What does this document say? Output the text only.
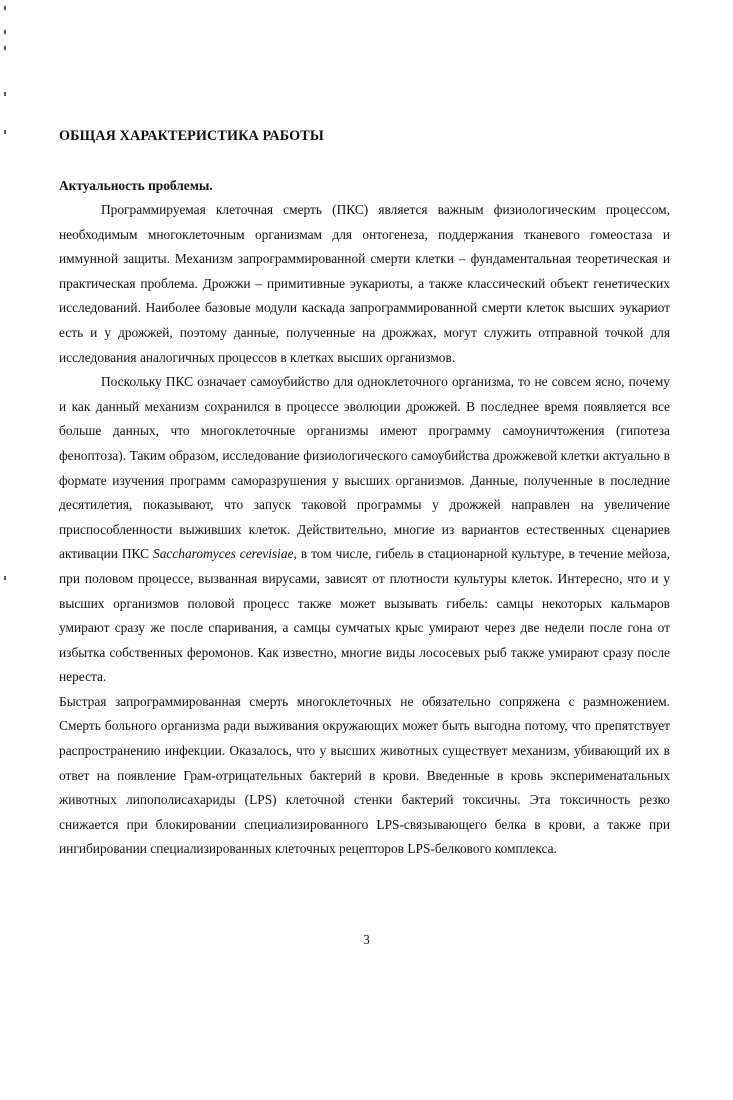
ОБЩАЯ ХАРАКТЕРИСТИКА РАБОТЫ
Актуальность проблемы.

Программируемая клеточная смерть (ПКС) является важным физиологическим процессом, необходимым многоклеточным организмам для онтогенеза, поддержания тканевого гомеостаза и иммунной защиты. Механизм запрограммированной смерти клетки – фундаментальная теоретическая и практическая проблема. Дрожжи – примитивные эукариоты, а также классический объект генетических исследований. Наиболее базовые модули каскада запрограммированной смерти клеток высших эукариот есть и у дрожжей, поэтому данные, полученные на дрожжах, могут служить отправной точкой для исследования аналогичных процессов в клетках высших организмов.

Поскольку ПКС означает самоубийство для одноклеточного организма, то не совсем ясно, почему и как данный механизм сохранился в процессе эволюции дрожжей. В последнее время появляется все больше данных, что многоклеточные организмы имеют программу самоуничтожения (гипотеза феноптоза). Таким образом, исследование физиологического самоубийства дрожжевой клетки актуально в формате изучения программ саморазрушения у высших организмов. Данные, полученные в последние десятилетия, показывают, что запуск таковой программы у дрожжей направлен на увеличение приспособленности выживших клеток. Действительно, многие из вариантов естественных сценариев активации ПКС Saccharomyces cerevisiae, в том числе, гибель в стационарной культуре, в течение мейоза, при половом процессе, вызванная вирусами, зависят от плотности культуры клеток. Интересно, что и у высших организмов половой процесс также может вызывать гибель: самцы некоторых кальмаров умирают сразу же после спаривания, а самцы сумчатых крыс умирают через две недели после гона от избытка собственных феромонов. Как известно, многие виды лососевых рыб также умирают сразу после нереста.

Быстрая запрограммированная смерть многоклеточных не обязательно сопряжена с размножением. Смерть больного организма ради выживания окружающих может быть выгодна потому, что препятствует распространению инфекции. Оказалось, что у высших животных существует механизм, убивающий их в ответ на появление Грам-отрицательных бактерий в крови. Введенные в кровь эксперименатальных животных липополисахариды (LPS) клеточной стенки бактерий токсичны. Эта токсичность резко снижается при блокировании специализированного LPS-связывающего белка в крови, а также при ингибировании специализированных клеточных рецепторов LPS-белкового комплекса.

3
